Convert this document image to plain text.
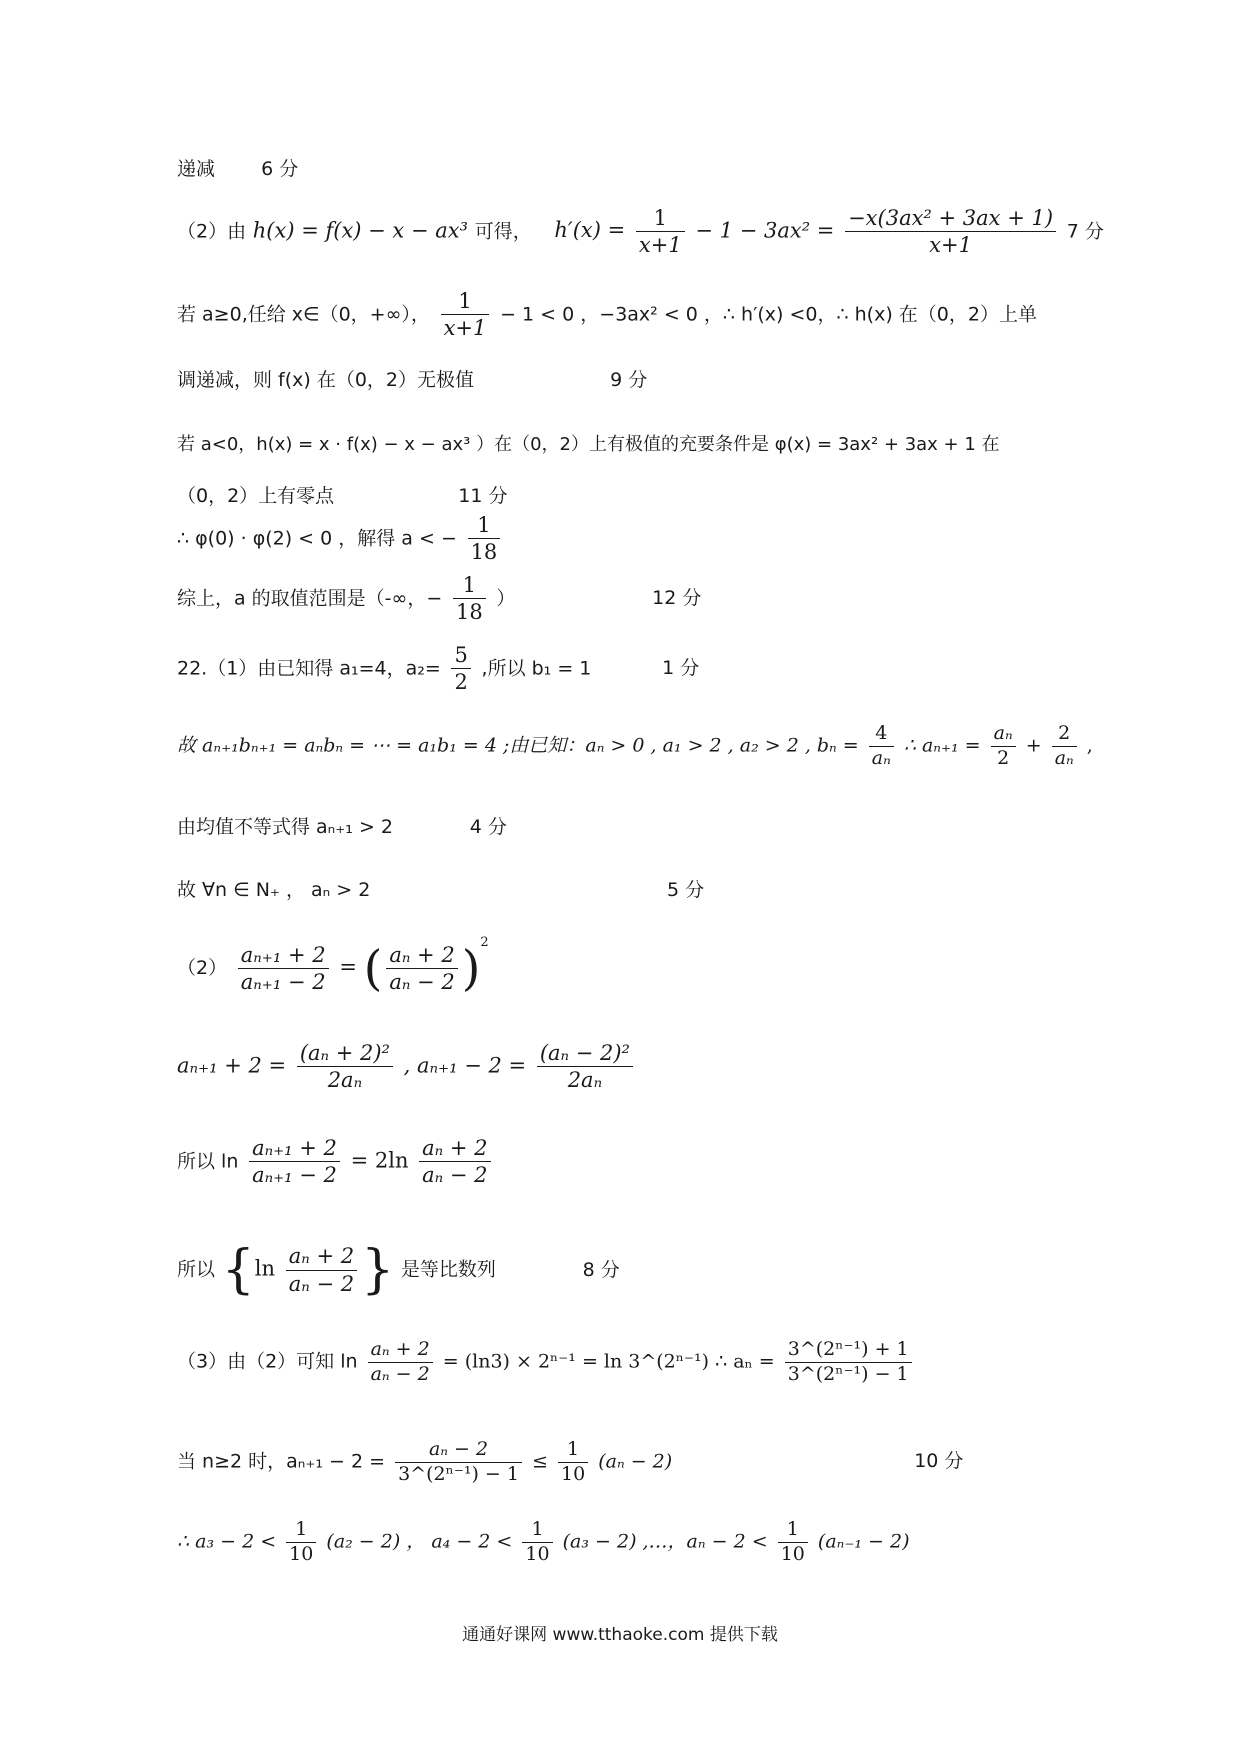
递减 6 分
（2）由 h(x) = f(x) − x − ax³ 可得， $h'(x) = \frac{1}{x+1} - 1 - 3ax^2 = \frac{\text{−x(3ax² + 3ax + 1)}}{x+1} 7$ 分
若 a≥0,任给 x∈（0，+∞）， $\frac{1}{x+1} - 1 < 0$ ，−3ax² < 0 ，∴ h′(x) <0，∴ h(x) 在（0，2）上单
调递减，则 f(x) 在（0，2）无极值	9 分
若 a<0，h(x) = x · f(x) − x − ax³ ）在（0，2）上有极值的充要条件是 φ(x) = 3ax² + 3ax + 1 在
（0，2）上有零点	11 分
∴ φ(0) · φ(2) < 0 ，解得 a < − $\frac{1}{18}$
综上，a 的取值范围是（-∞，− $\frac{1}{18}$ ）	12 分
22.（1）由已知得 a₁=4，$a_2= \frac{5}{2}$ ,所以 b₁ = 1	1 分
故 aₙ₊₁bₙ₊₁ = aₙbₙ = ⋯ = a₁b₁ = 4 ;由已知：aₙ > 0 , a₁ > 2 , a₂ > 2 , $b_n = \frac{4}{\text{aₙ}}$ ∴ $a_{n+1} = \frac{\text{aₙ}}{2} + \frac{2}{\text{aₙ}}$ ,
由均值不等式得 aₙ₊₁ > 2	4 分
故 ∀n ∈ N₊ ， aₙ > 2	5 分
$(2) \frac{\text{aₙ₊₁ + 2}}{\text{aₙ₊₁ − 2}}$ = ( $\frac{\text{aₙ + 2}}{\text{aₙ − 2}} )^2$
$a_{n+1} + 2 = \frac{\text{(aₙ + 2)²}}{\text{2aₙ}}$ , $a_{n+1} - 2 = \frac{\text{(aₙ − 2)²}}{\text{2aₙ}}$
所以 $\ln \frac{\text{aₙ₊₁ + 2}}{\text{aₙ₊₁ − 2}} = 2\ln \frac{\text{aₙ + 2}}{\text{aₙ − 2}}$
所以 {$\ln \frac{\text{aₙ + 2}}{\text{aₙ − 2}}$ } 是等比数列	8 分
（3）由（2）可知 $\ln \frac{\text{aₙ + 2}}{\text{aₙ − 2}} = (\ln 3) \times 2^{n-1} = \ln$ 3^(2ⁿ⁻¹) ∴ $a_n = \frac{\text{3\textasciicircum{}(2ⁿ⁻¹) + 1}}{\text{3\textasciicircum{}(2ⁿ⁻¹) − 1}}$
当 n≥2 时，$a_{n+1} - 2 = \frac{\text{aₙ − 2}}{\text{3\textasciicircum{}(2ⁿ⁻¹) − 1}} \le \frac{1}{10} (a_n - 2)$	10 分
∴ $a_3 - 2 < \frac{1}{10} (a_2 - 2)$ ， $a_4 - 2 < \frac{1}{10} (a_3 - 2)$ ,…，$a_n - 2 < \frac{1}{10} (a_{n-1} - 2)$
通通好课网 www.tthaoke.com 提供下载
